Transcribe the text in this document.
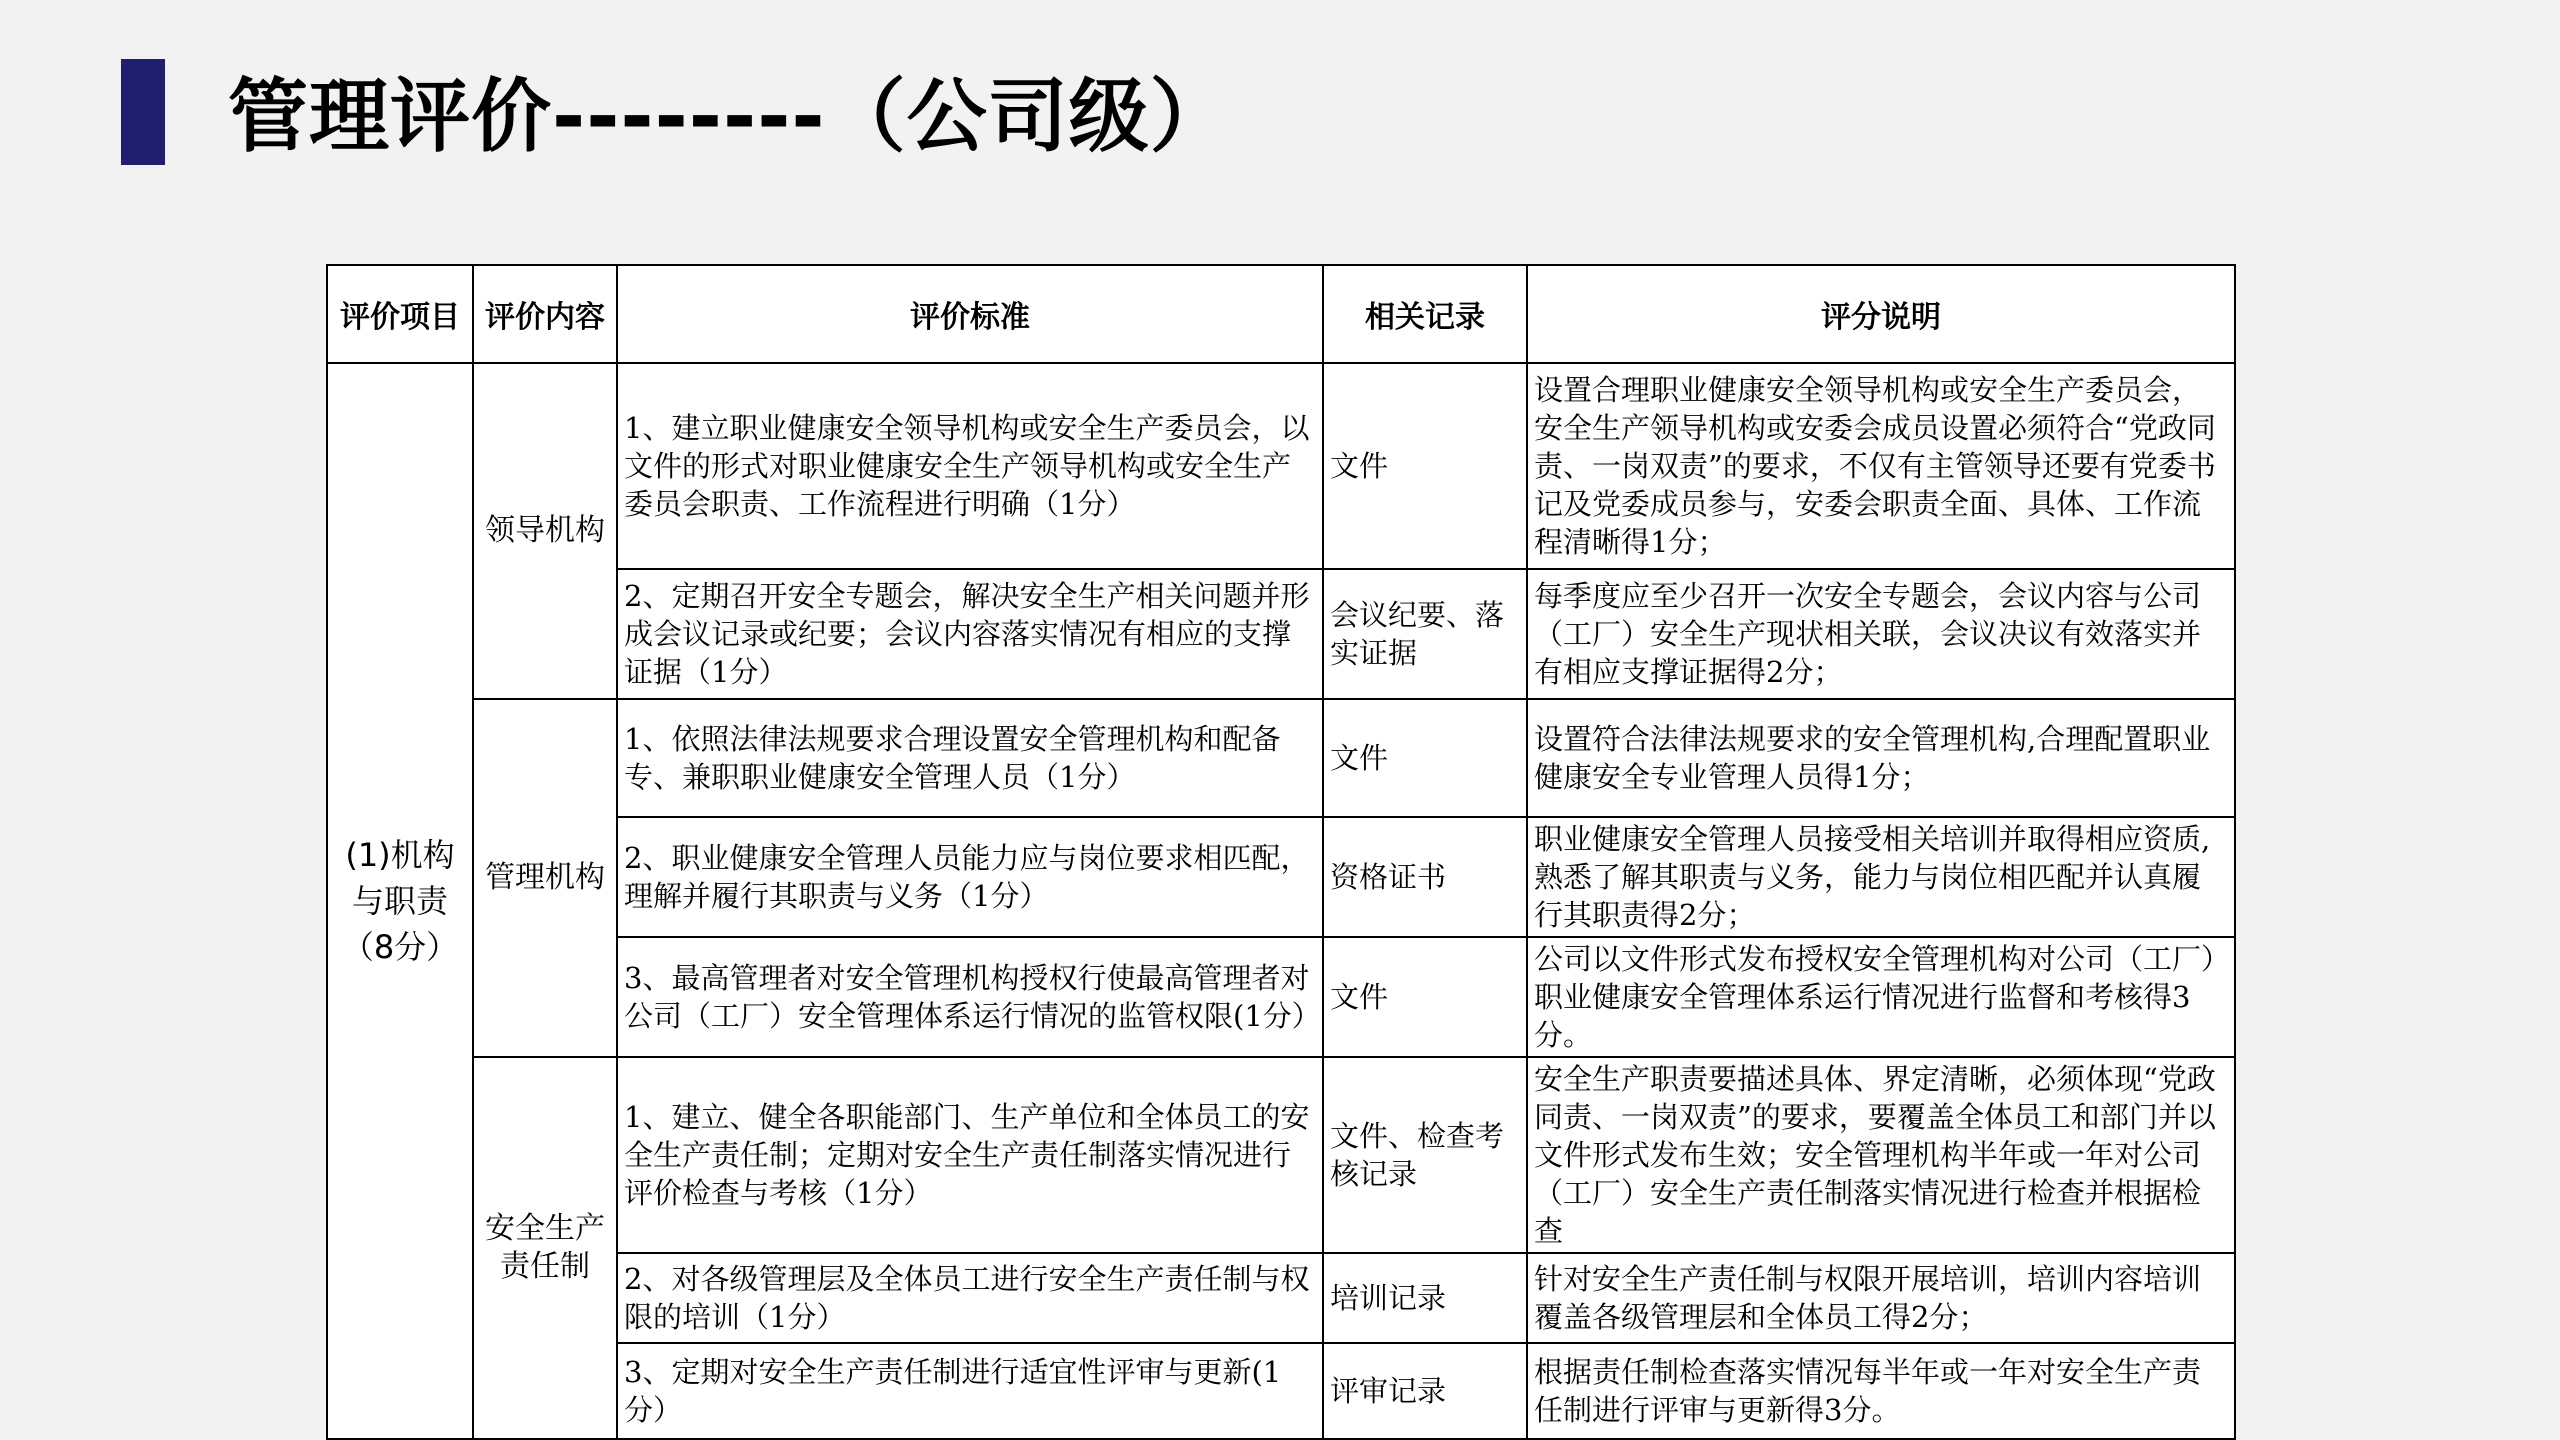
管理评价--------（公司级）
评价项目	评价内容	评价标准	相关记录	评分说明
(1)机构与职责（8分）	领导机构	1、建立职业健康安全领导机构或安全生产委员会，以文件的形式对职业健康安全生产领导机构或安全生产委员会职责、工作流程进行明确（1分）	文件	设置合理职业健康安全领导机构或安全生产委员会，安全生产领导机构或安委会成员设置必须符合“党政同责、一岗双责”的要求，不仅有主管领导还要有党委书记及党委成员参与，安委会职责全面、具体、工作流程清晰得1分；
		2、定期召开安全专题会，解决安全生产相关问题并形成会议记录或纪要；会议内容落实情况有相应的支撑证据（1分）	会议纪要、落实证据	每季度应至少召开一次安全专题会，会议内容与公司（工厂）安全生产现状相关联，会议决议有效落实并有相应支撑证据得2分；
	管理机构	1、依照法律法规要求合理设置安全管理机构和配备专、兼职职业健康安全管理人员（1分）	文件	设置符合法律法规要求的安全管理机构,合理配置职业健康安全专业管理人员得1分；
		2、职业健康安全管理人员能力应与岗位要求相匹配，理解并履行其职责与义务（1分）	资格证书	职业健康安全管理人员接受相关培训并取得相应资质,熟悉了解其职责与义务，能力与岗位相匹配并认真履行其职责得2分；
		3、最高管理者对安全管理机构授权行使最高管理者对公司（工厂）安全管理体系运行情况的监管权限(1分）	文件	公司以文件形式发布授权安全管理机构对公司（工厂）职业健康安全管理体系运行情况进行监督和考核得3分。
	安全生产责任制	1、建立、健全各职能部门、生产单位和全体员工的安全生产责任制；定期对安全生产责任制落实情况进行评价检查与考核（1分）	文件、检查考核记录	安全生产职责要描述具体、界定清晰，必须体现“党政同责、一岗双责”的要求，要覆盖全体员工和部门并以文件形式发布生效；安全管理机构半年或一年对公司（工厂）安全生产责任制落实情况进行检查并根据检查
		2、对各级管理层及全体员工进行安全生产责任制与权限的培训（1分）	培训记录	针对安全生产责任制与权限开展培训，培训内容培训覆盖各级管理层和全体员工得2分；
		3、定期对安全生产责任制进行适宜性评审与更新(1分）	评审记录	根据责任制检查落实情况每半年或一年对安全生产责任制进行评审与更新得3分。
